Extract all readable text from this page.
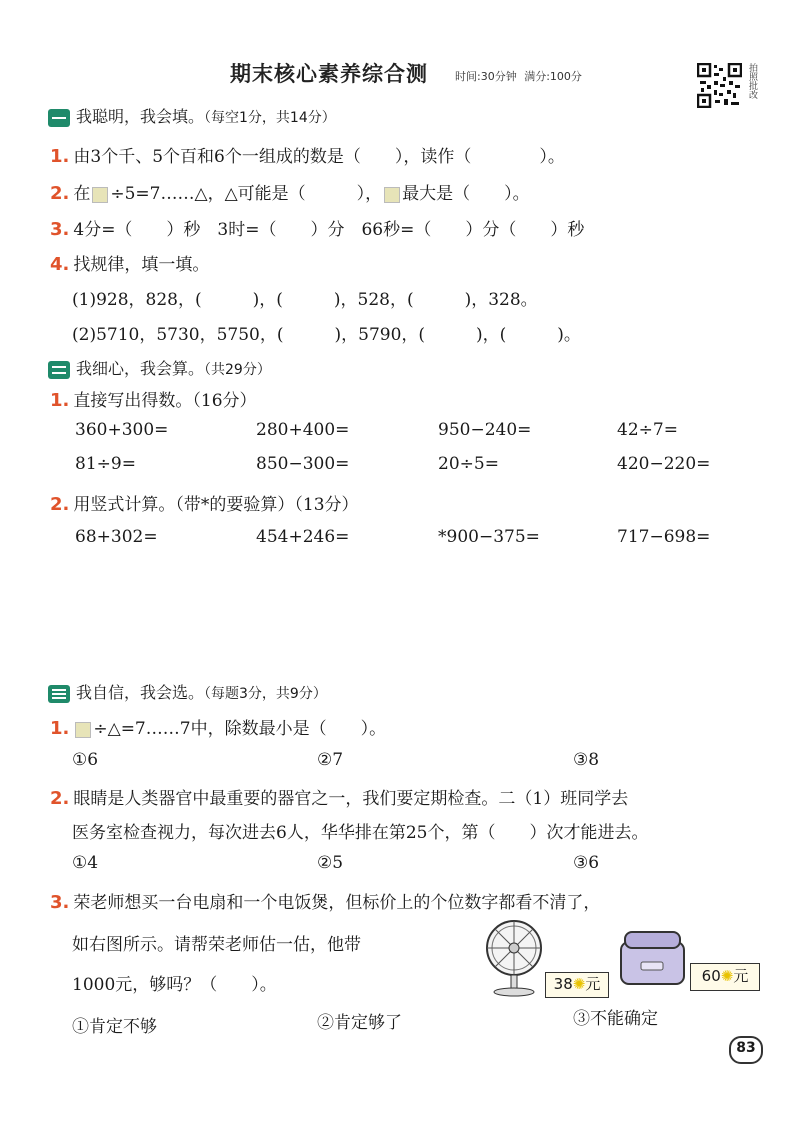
期末核心素养综合测 时间:30分钟 满分:100分	拍照批改
我聪明，我会填。（每空1分，共14分）
1. 由3个千、5个百和6个一组成的数是（　　），读作（　　　　）。
2. 在 ÷5=7……△，△可能是（　　　）， 最大是（　　）。
3. 4分=（　　）秒　3时=（　　）分　66秒=（　　）分（　　）秒
4. 找规律，填一填。
(1)928，828，(　　　)，(　　　)，528，(　　　)，328。
(2)5710，5730，5750，(　　　)，5790，(　　　)，(　　　)。
我细心，我会算。（共29分）
1. 直接写出得数。（16分）
360+300=	280+400=	950−240=	42÷7=
81÷9=	850−300=	20÷5=	420−220=
2. 用竖式计算。（带*的要验算）（13分）
68+302=	454+246=	*900−375=	717−698=
我自信，我会选。（每题3分，共9分）
1. ÷△=7……7中，除数最小是（　　）。
①6	②7	③8
2. 眼睛是人类器官中最重要的器官之一，我们要定期检查。二（1）班同学去
医务室检查视力，每次进去6人，华华排在第25个，第（　　）次才能进去。
①4	②5	③6
3. 荣老师想买一台电扇和一个电饭煲，但标价上的个位数字都看不清了，
如右图所示。请帮荣老师估一估，他带
1000元，够吗？（　　）。
①肯定不够	②肯定够了	③不能确定
38✺元	60✺元
83
